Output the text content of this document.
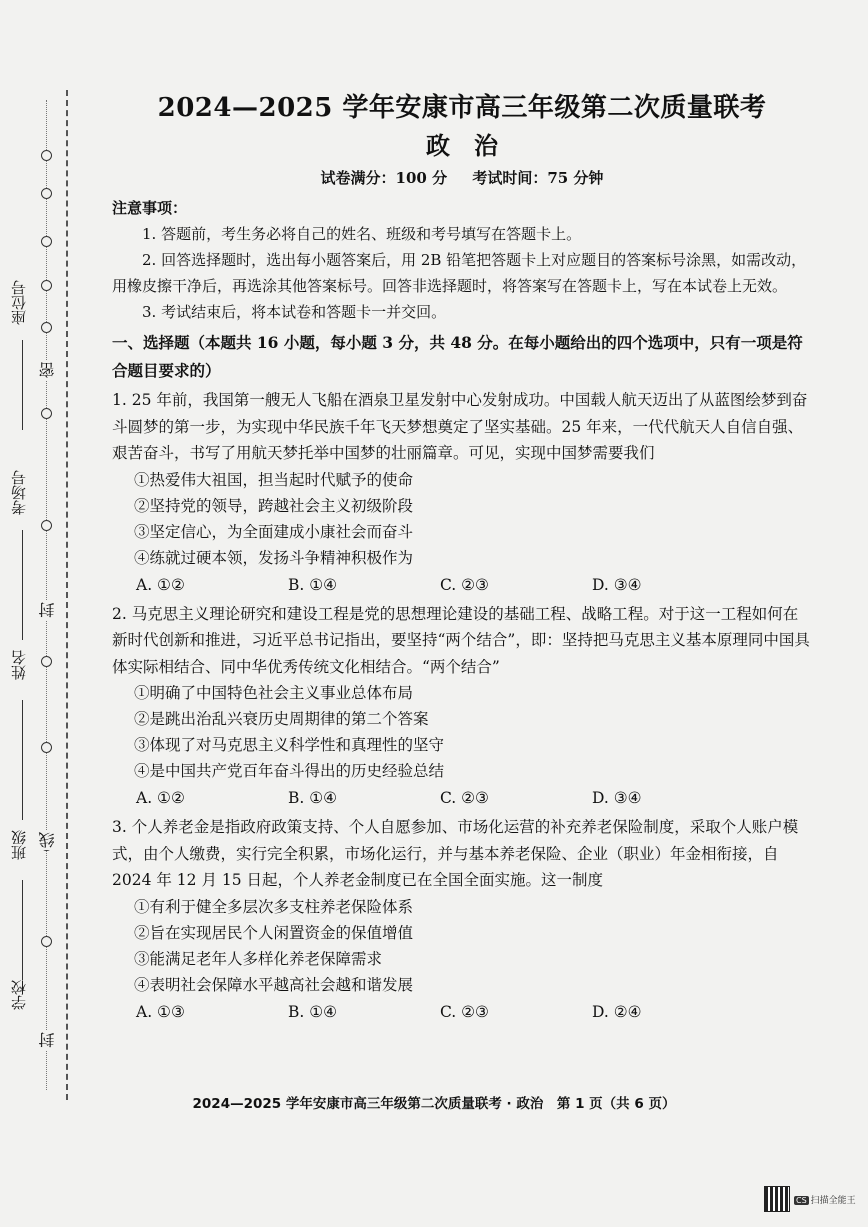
座位号
考场号
姓名
班级
学校
密
封
线
封
2024—2025 学年安康市高三年级第二次质量联考
政治

试卷满分：100 分 考试时间：75 分钟

注意事项：
1. 答题前，考生务必将自己的姓名、班级和考号填写在答题卡上。
2. 回答选择题时，选出每小题答案后，用 2B 铅笔把答题卡上对应题目的答案标号涂黑，如需改动，用橡皮擦干净后，再选涂其他答案标号。回答非选择题时，将答案写在答题卡上，写在本试卷上无效。
3. 考试结束后，将本试卷和答题卡一并交回。
一、选择题（本题共 16 小题，每小题 3 分，共 48 分。在每小题给出的四个选项中，只有一项是符合题目要求的）
1. 25 年前，我国第一艘无人飞船在酒泉卫星发射中心发射成功。中国载人航天迈出了从蓝图绘梦到奋斗圆梦的第一步，为实现中华民族千年飞天梦想奠定了坚实基础。25 年来，一代代航天人自信自强、艰苦奋斗，书写了用航天梦托举中国梦的壮丽篇章。可见，实现中国梦需要我们
①热爱伟大祖国，担当起时代赋予的使命
②坚持党的领导，跨越社会主义初级阶段
③坚定信心，为全面建成小康社会而奋斗
④练就过硬本领，发扬斗争精神积极作为
A. ①②	B. ①④	C. ②③	D. ③④
2. 马克思主义理论研究和建设工程是党的思想理论建设的基础工程、战略工程。对于这一工程如何在新时代创新和推进，习近平总书记指出，要坚持“两个结合”，即：坚持把马克思主义基本原理同中国具体实际相结合、同中华优秀传统文化相结合。“两个结合”
①明确了中国特色社会主义事业总体布局
②是跳出治乱兴衰历史周期律的第二个答案
③体现了对马克思主义科学性和真理性的坚守
④是中国共产党百年奋斗得出的历史经验总结
A. ①②	B. ①④	C. ②③	D. ③④
3. 个人养老金是指政府政策支持、个人自愿参加、市场化运营的补充养老保险制度，采取个人账户模式，由个人缴费，实行完全积累，市场化运行，并与基本养老保险、企业（职业）年金相衔接，自 2024 年 12 月 15 日起，个人养老金制度已在全国全面实施。这一制度
①有利于健全多层次多支柱养老保险体系
②旨在实现居民个人闲置资金的保值增值
③能满足老年人多样化养老保障需求
④表明社会保障水平越高社会越和谐发展
A. ①③	B. ①④	C. ②③	D. ②④
2024—2025 学年安康市高三年级第二次质量联考 · 政治　第 1 页（共 6 页）
CS 扫描全能王
